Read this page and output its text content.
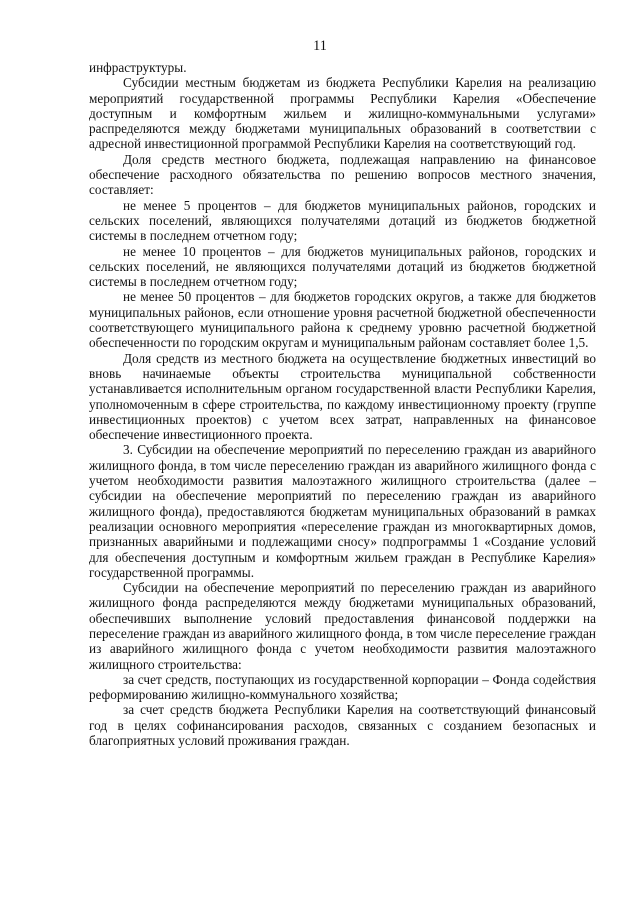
11

инфраструктуры.

Субсидии местным бюджетам из бюджета Республики Карелия на реализацию мероприятий государственной программы Республики Карелия «Обеспечение доступным и комфортным жильем и жилищно-коммунальными услугами» распределяются между бюджетами муниципальных образований в соответствии с адресной инвестиционной программой Республики Карелия на соответствующий год.

Доля средств местного бюджета, подлежащая направлению на финансовое обеспечение расходного обязательства по решению вопросов местного значения, составляет:

не менее 5 процентов – для бюджетов муниципальных районов, городских и сельских поселений, являющихся получателями дотаций из бюджетов бюджетной системы в последнем отчетном году;

не менее 10 процентов – для бюджетов муниципальных районов, городских и сельских поселений, не являющихся получателями дотаций из бюджетов бюджетной системы в последнем отчетном году;

не менее 50 процентов – для бюджетов городских округов, а также для бюджетов муниципальных районов, если отношение уровня расчетной бюджетной обеспеченности соответствующего муниципального района к среднему уровню расчетной бюджетной обеспеченности по городским округам и муниципальным районам составляет более 1,5.

Доля средств из местного бюджета на осуществление бюджетных инвестиций во вновь начинаемые объекты строительства муниципальной собственности устанавливается исполнительным органом государственной власти Республики Карелия, уполномоченным в сфере строительства, по каждому инвестиционному проекту (группе инвестиционных проектов) с учетом всех затрат, направленных на финансовое обеспечение инвестиционного проекта.

3. Субсидии на обеспечение мероприятий по переселению граждан из аварийного жилищного фонда, в том числе переселению граждан из аварийного жилищного фонда с учетом необходимости развития малоэтажного жилищного строительства (далее – субсидии на обеспечение мероприятий по переселению граждан из аварийного жилищного фонда), предоставляются бюджетам муниципальных образований в рамках реализации основного мероприятия «переселение граждан из многоквартирных домов, признанных аварийными и подлежащими сносу» подпрограммы 1 «Создание условий для обеспечения доступным и комфортным жильем граждан в Республике Карелия» государственной программы.

Субсидии на обеспечение мероприятий по переселению граждан из аварийного жилищного фонда распределяются между бюджетами муниципальных образований, обеспечивших выполнение условий предоставления финансовой поддержки на переселение граждан из аварийного жилищного фонда, в том числе переселение граждан из аварийного жилищного фонда с учетом необходимости развития малоэтажного жилищного строительства:

за счет средств, поступающих из государственной корпорации – Фонда содействия реформированию жилищно-коммунального хозяйства;

за счет средств бюджета Республики Карелия на соответствующий финансовый год в целях софинансирования расходов, связанных с созданием безопасных и благоприятных условий проживания граждан.
